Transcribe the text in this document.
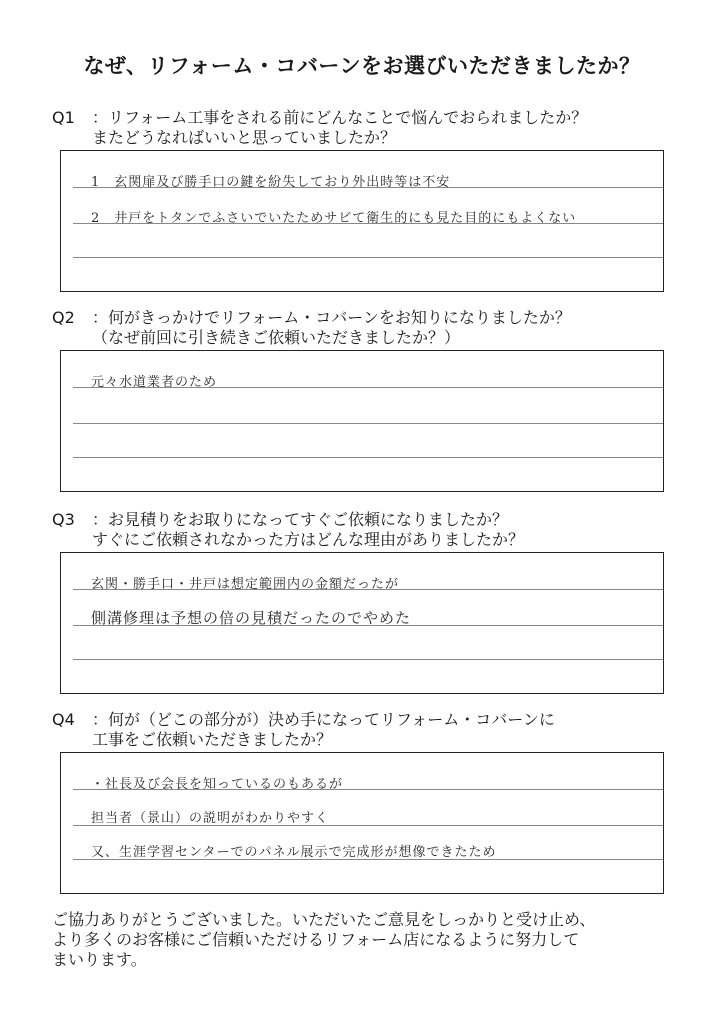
なぜ、リフォーム・コバーンをお選びいただきましたか？
Q1 ：リフォーム工事をされる前にどんなことで悩んでおられましたか？
またどうなればいいと思っていましたか？
1　玄関扉及び勝手口の鍵を紛失しており外出時等は不安
2　井戸をトタンでふさいでいたためサビて衛生的にも見た目的にもよくない
Q2 ：何がきっかけでリフォーム・コバーンをお知りになりましたか？
（なぜ前回に引き続きご依頼いただきましたか？）
元々水道業者のため
Q3 ：お見積りをお取りになってすぐご依頼になりましたか？
すぐにご依頼されなかった方はどんな理由がありましたか？
玄関・勝手口・井戸は想定範囲内の金額だったが
側溝修理は予想の倍の見積だったのでやめた
Q4 ：何が（どこの部分が）決め手になってリフォーム・コバーンに
工事をご依頼いただきましたか？
・社長及び会長を知っているのもあるが
担当者（景山）の説明がわかりやすく
又、生涯学習センターでのパネル展示で完成形が想像できたため
ご協力ありがとうございました。いただいたご意見をしっかりと受け止め、
より多くのお客様にご信頼いただけるリフォーム店になるように努力して
まいります。
